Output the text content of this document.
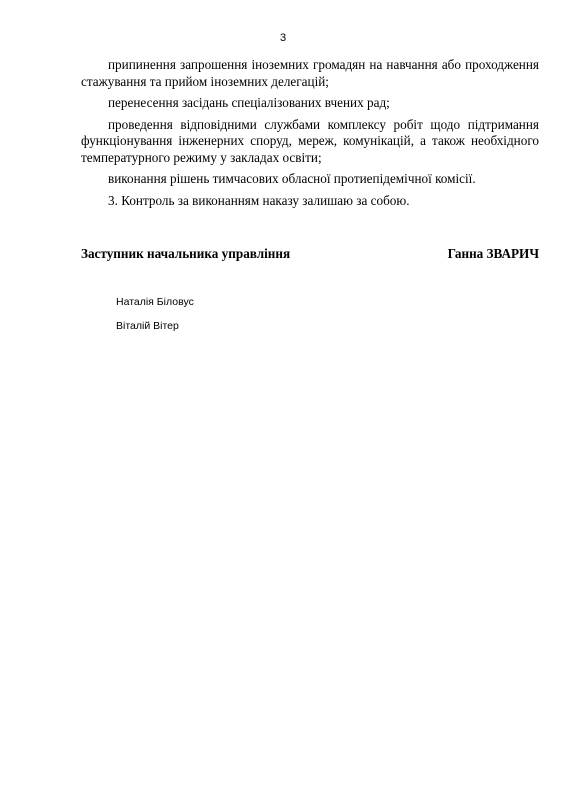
3

припинення запрошення іноземних громадян на навчання або проходження стажування та прийом іноземних делегацій;

перенесення засідань спеціалізованих вчених рад;

проведення відповідними службами комплексу робіт щодо підтримання функціонування інженерних споруд, мереж, комунікацій, а також необхідного температурного режиму у закладах освіти;

виконання рішень тимчасових обласної протиепідемічної комісії.

3. Контроль за виконанням наказу залишаю за собою.

Заступник начальника управління	Ганна ЗВАРИЧ

Наталія Біловус

Віталій Вітер
